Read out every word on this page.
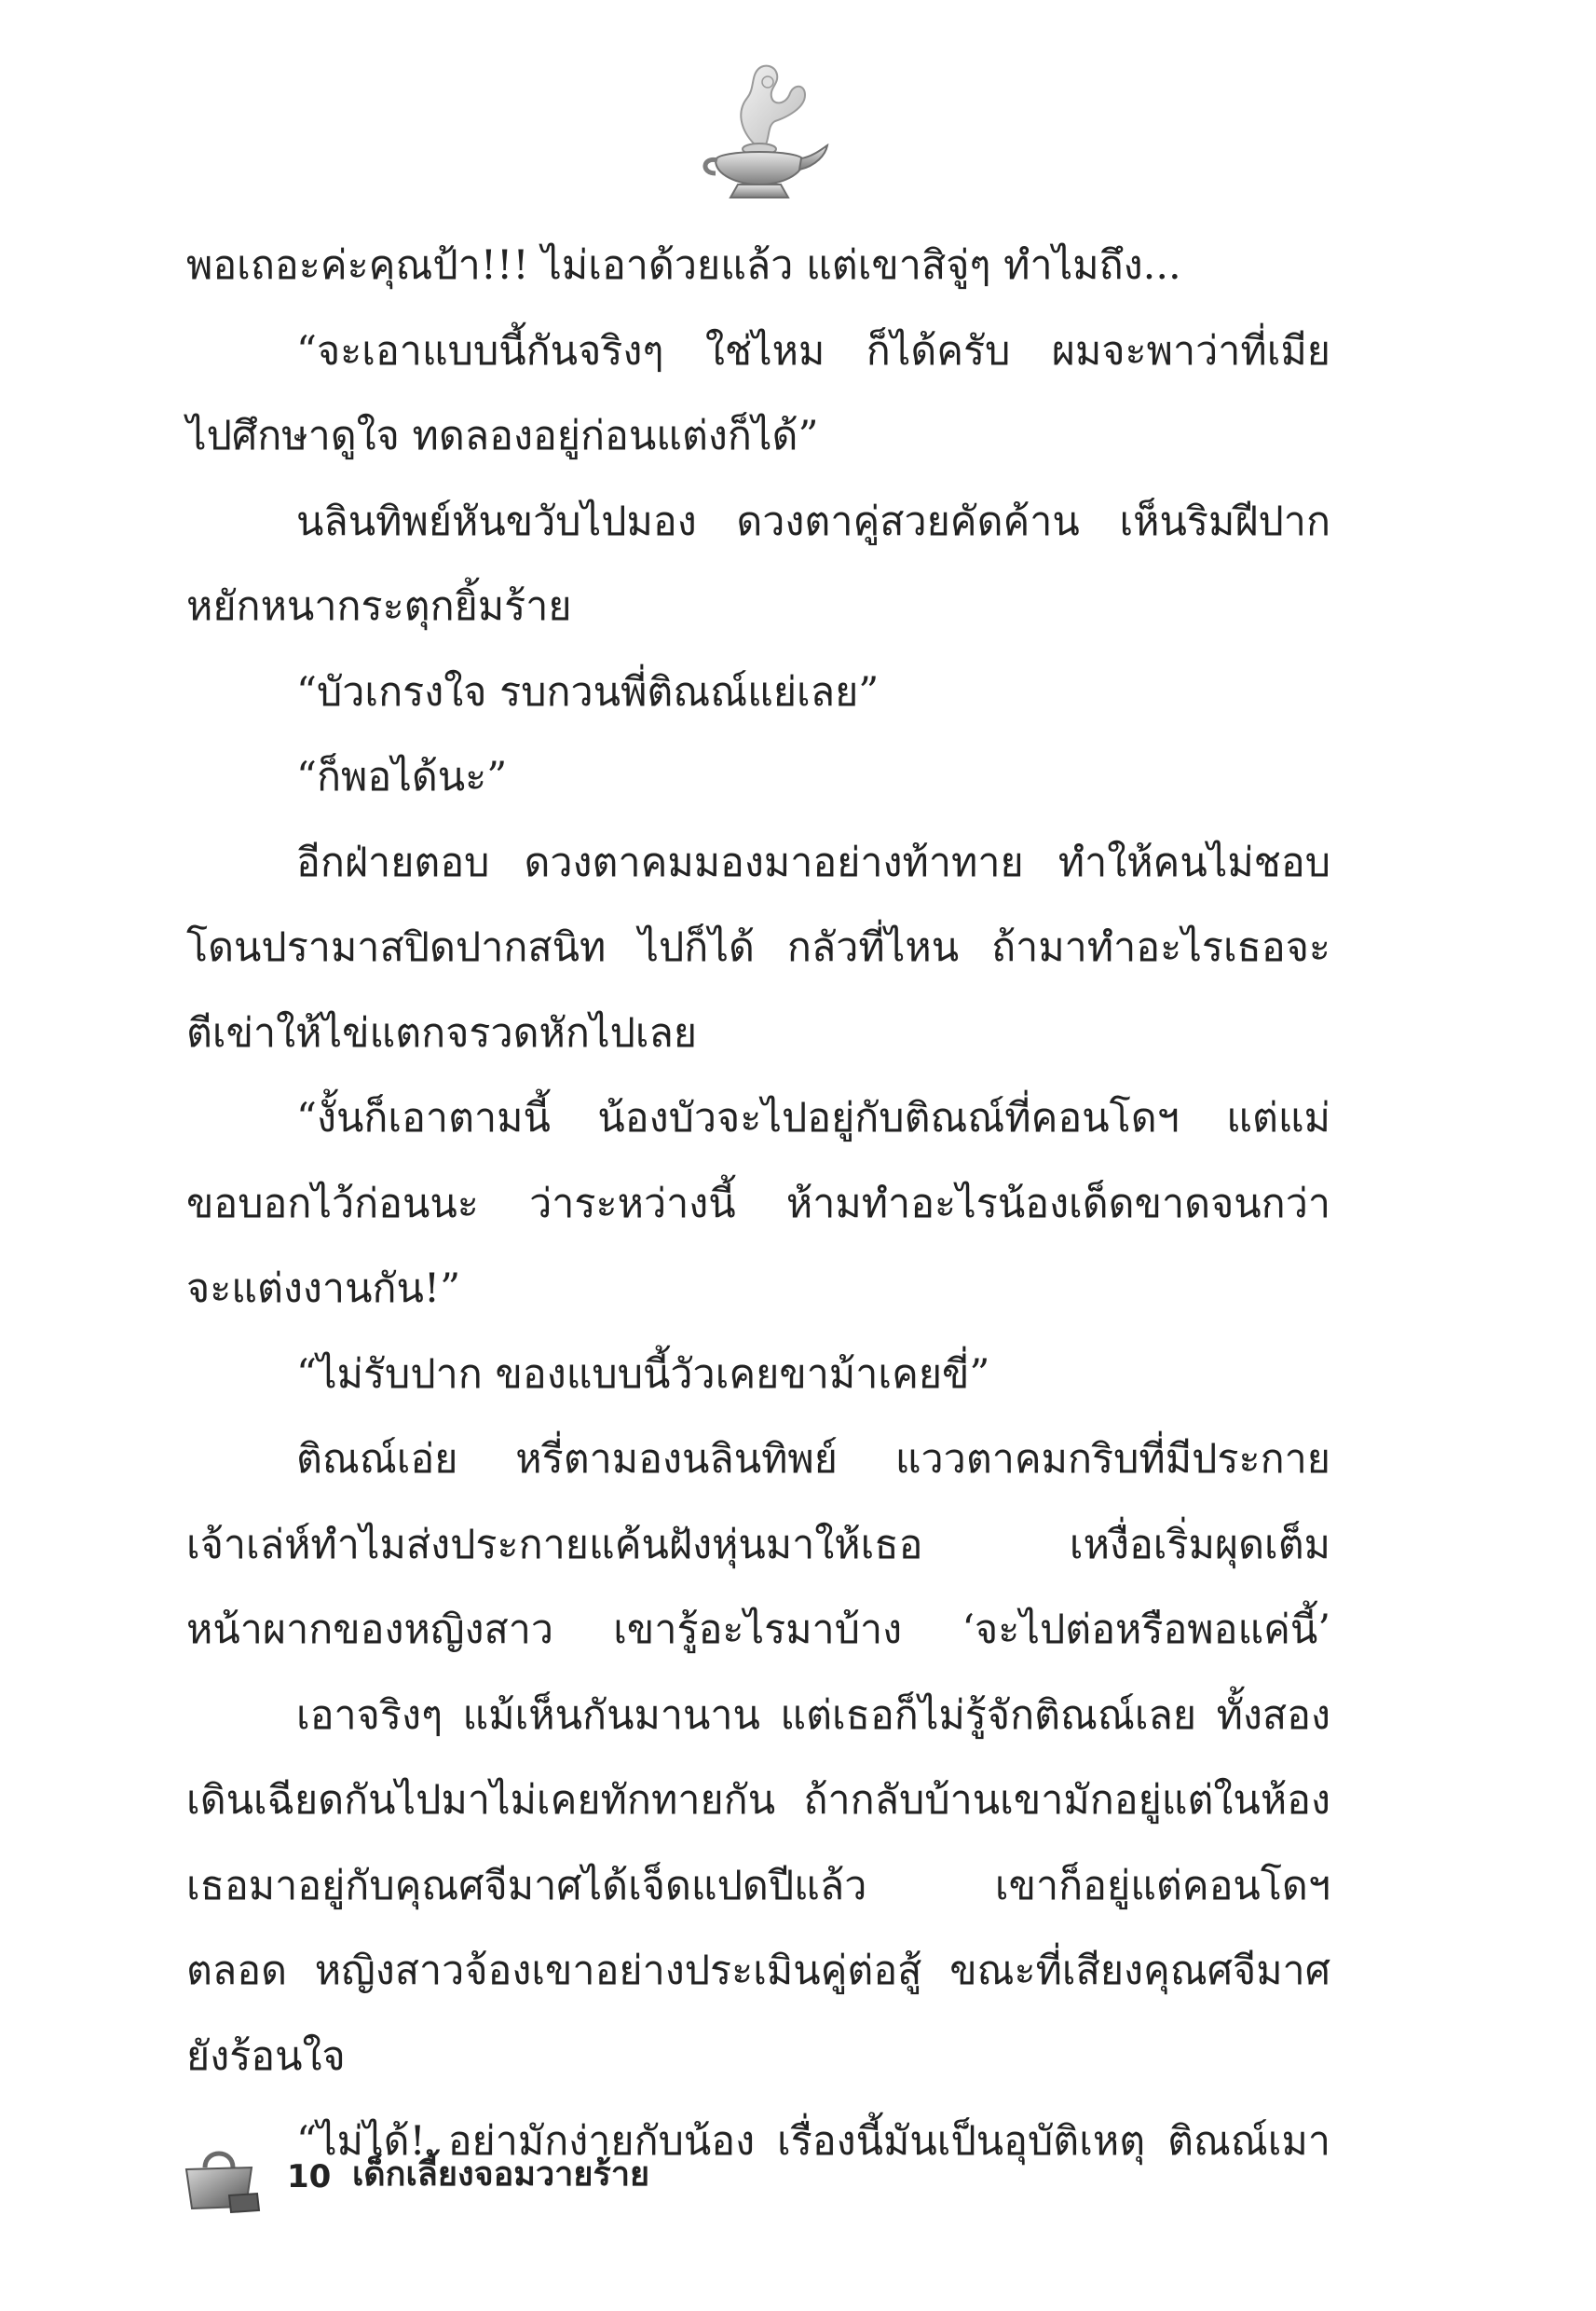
พอเถอะค่ะคุณป้า!!! ไม่เอาด้วยแล้ว แต่เขาสิจู่ๆ ทำไมถึง...
“จะเอาแบบนี้กันจริงๆ ใช่ไหม ก็ได้ครับ ผมจะพาว่าที่เมีย
ไปศึกษาดูใจ ทดลองอยู่ก่อนแต่งก็ได้”
นลินทิพย์หันขวับไปมอง ดวงตาคู่สวยคัดค้าน เห็นริมฝีปาก
หยักหนากระตุกยิ้มร้าย
“บัวเกรงใจ รบกวนพี่ติณณ์แย่เลย”
“ก็พอได้นะ”
อีกฝ่ายตอบ ดวงตาคมมองมาอย่างท้าทาย ทำให้คนไม่ชอบ
โดนปรามาสปิดปากสนิท ไปก็ได้ กลัวที่ไหน ถ้ามาทำอะไรเธอจะ
ตีเข่าให้ไข่แตกจรวดหักไปเลย
“งั้นก็เอาตามนี้ น้องบัวจะไปอยู่กับติณณ์ที่คอนโดฯ แต่แม่
ขอบอกไว้ก่อนนะ ว่าระหว่างนี้ ห้ามทำอะไรน้องเด็ดขาดจนกว่า
จะแต่งงานกัน!”
“ไม่รับปาก ของแบบนี้วัวเคยขาม้าเคยขี่”
ติณณ์เอ่ย หรี่ตามองนลินทิพย์ แววตาคมกริบที่มีประกาย
เจ้าเล่ห์ทำไมส่งประกายแค้นฝังหุ่นมาให้เธอ เหงื่อเริ่มผุดเต็ม
หน้าผากของหญิงสาว เขารู้อะไรมาบ้าง ‘จะไปต่อหรือพอแค่นี้’
เอาจริงๆ แม้เห็นกันมานาน แต่เธอก็ไม่รู้จักติณณ์เลย ทั้งสอง
เดินเฉียดกันไปมาไม่เคยทักทายกัน ถ้ากลับบ้านเขามักอยู่แต่ในห้อง
เธอมาอยู่กับคุณศจีมาศได้เจ็ดแปดปีแล้ว เขาก็อยู่แต่คอนโดฯ
ตลอด หญิงสาวจ้องเขาอย่างประเมินคู่ต่อสู้ ขณะที่เสียงคุณศจีมาศ
ยังร้อนใจ
“ไม่ได้! อย่ามักง่ายกับน้อง เรื่องนี้มันเป็นอุบัติเหตุ ติณณ์เมา
10 เด็กเลี้ยงจอมวายร้าย
